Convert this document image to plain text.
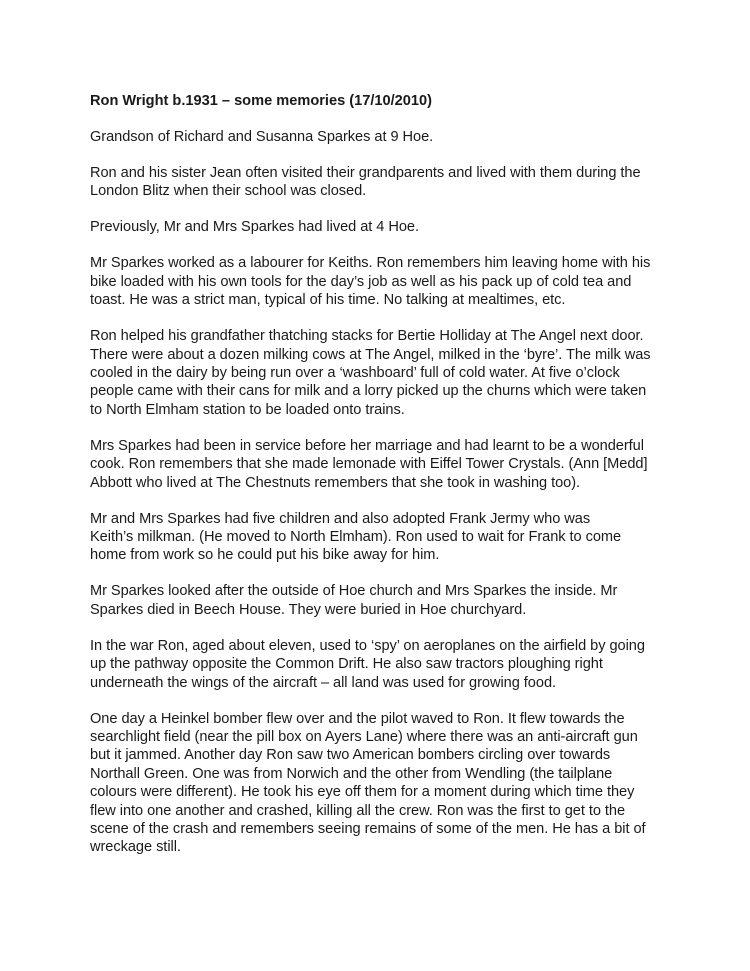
Ron Wright b.1931 – some memories (17/10/2010)
Grandson of Richard and Susanna Sparkes at 9 Hoe.
Ron and his sister Jean often visited their grandparents and lived with them during the
London Blitz when their school was closed.
Previously, Mr and Mrs Sparkes had lived at 4 Hoe.
Mr Sparkes worked as a labourer for Keiths. Ron remembers him leaving home with his
bike loaded with his own tools for the day’s job as well as his pack up of cold tea and
toast. He was a strict man, typical of his time. No talking at mealtimes, etc.
Ron helped his grandfather thatching stacks for Bertie Holliday at The Angel next door.
There were about a dozen milking cows at The Angel, milked in the ‘byre’. The milk was
cooled in the dairy by being run over a ‘washboard’ full of cold water. At five o’clock
people came with their cans for milk and a lorry picked up the churns which were taken
to North Elmham station to be loaded onto trains.
Mrs Sparkes had been in service before her marriage and had learnt to be a wonderful
cook. Ron remembers that she made lemonade with Eiffel Tower Crystals. (Ann [Medd]
Abbott who lived at The Chestnuts remembers that she took in washing too).
Mr and Mrs Sparkes had five children and also adopted Frank Jermy who was
Keith’s milkman. (He moved to North Elmham). Ron used to wait for Frank to come
home from work so he could put his bike away for him.
Mr Sparkes looked after the outside of Hoe church and Mrs Sparkes the inside. Mr
Sparkes died in Beech House. They were buried in Hoe churchyard.
In the war Ron, aged about eleven, used to ‘spy’ on aeroplanes on the airfield by going
up the pathway opposite the Common Drift. He also saw tractors ploughing right
underneath the wings of the aircraft – all land was used for growing food.
One day a Heinkel bomber flew over and the pilot waved to Ron. It flew towards the
searchlight field (near the pill box on Ayers Lane) where there was an anti-aircraft gun
but it jammed. Another day Ron saw two American bombers circling over towards
Northall Green. One was from Norwich and the other from Wendling (the tailplane
colours were different). He took his eye off them for a moment during which time they
flew into one another and crashed, killing all the crew. Ron was the first to get to the
scene of the crash and remembers seeing remains of some of the men. He has a bit of
wreckage still.
